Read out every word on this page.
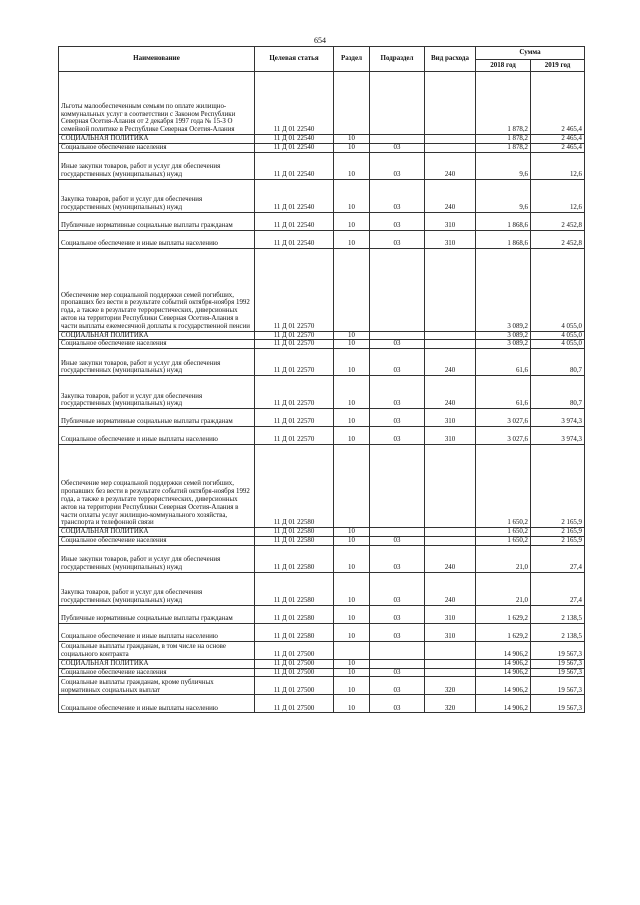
654
Наименование	Целевая статья	Раздел	Подраздел	Вид расхода	Сумма	
					2018 год	2019 год
Льготы малообеспеченным семьям по оплате жилищно-коммунальных услуг в соответствии с Законом Республики Северная Осетия-Алания от 2 декабря 1997 года № 15-З О семейной политике в Республике Северная Осетия-Алания	11 Д 01 22540				1 878,2	2 465,4
СОЦИАЛЬНАЯ ПОЛИТИКА	11 Д 01 22540	10			1 878,2	2 465,4
Социальное обеспечение населения	11 Д 01 22540	10	03		1 878,2	2 465,4
Иные закупки товаров, работ и услуг для обеспечения государственных (муниципальных) нужд	11 Д 01 22540	10	03	240	9,6	12,6
Закупка товаров, работ и услуг для обеспечения государственных (муниципальных) нужд	11 Д 01 22540	10	03	240	9,6	12,6
Публичные нормативные социальные выплаты гражданам	11 Д 01 22540	10	03	310	1 868,6	2 452,8
Социальное обеспечение и иные выплаты населению	11 Д 01 22540	10	03	310	1 868,6	2 452,8
Обеспечение мер социальной поддержки семей погибших, пропавших без вести в результате событий октября-ноября 1992 года, а также в результате террористических, диверсионных актов на территории Республики Северная Осетия-Алания в части выплаты ежемесячной доплаты к государственной пенсии	11 Д 01 22570				3 089,2	4 055,0
СОЦИАЛЬНАЯ ПОЛИТИКА	11 Д 01 22570	10			3 089,2	4 055,0
Социальное обеспечение населения	11 Д 01 22570	10	03		3 089,2	4 055,0
Иные закупки товаров, работ и услуг для обеспечения государственных (муниципальных) нужд	11 Д 01 22570	10	03	240	61,6	80,7
Закупка товаров, работ и услуг для обеспечения государственных (муниципальных) нужд	11 Д 01 22570	10	03	240	61,6	80,7
Публичные нормативные социальные выплаты гражданам	11 Д 01 22570	10	03	310	3 027,6	3 974,3
Социальное обеспечение и иные выплаты населению	11 Д 01 22570	10	03	310	3 027,6	3 974,3
Обеспечение мер социальной поддержки семей погибших, пропавших без вести в результате событий октября-ноября 1992 года, а также в результате террористических, диверсионных актов на территории Республики Северная Осетия-Алания в части оплаты услуг жилищно-коммунального хозяйства, транспорта и телефонной связи	11 Д 01 22580				1 650,2	2 165,9
СОЦИАЛЬНАЯ ПОЛИТИКА	11 Д 01 22580	10			1 650,2	2 165,9
Социальное обеспечение населения	11 Д 01 22580	10	03		1 650,2	2 165,9
Иные закупки товаров, работ и услуг для обеспечения государственных (муниципальных) нужд	11 Д 01 22580	10	03	240	21,0	27,4
Закупка товаров, работ и услуг для обеспечения государственных (муниципальных) нужд	11 Д 01 22580	10	03	240	21,0	27,4
Публичные нормативные социальные выплаты гражданам	11 Д 01 22580	10	03	310	1 629,2	2 138,5
Социальное обеспечение и иные выплаты населению	11 Д 01 22580	10	03	310	1 629,2	2 138,5
Социальные выплаты гражданам, в том числе на основе социального контракта	11 Д 01 27500				14 906,2	19 567,3
СОЦИАЛЬНАЯ ПОЛИТИКА	11 Д 01 27500	10			14 906,2	19 567,3
Социальное обеспечение населения	11 Д 01 27500	10	03		14 906,2	19 567,3
Социальные выплаты гражданам, кроме публичных нормативных социальных выплат	11 Д 01 27500	10	03	320	14 906,2	19 567,3
Социальное обеспечение и иные выплаты населению	11 Д 01 27500	10	03	320	14 906,2	19 567,3
